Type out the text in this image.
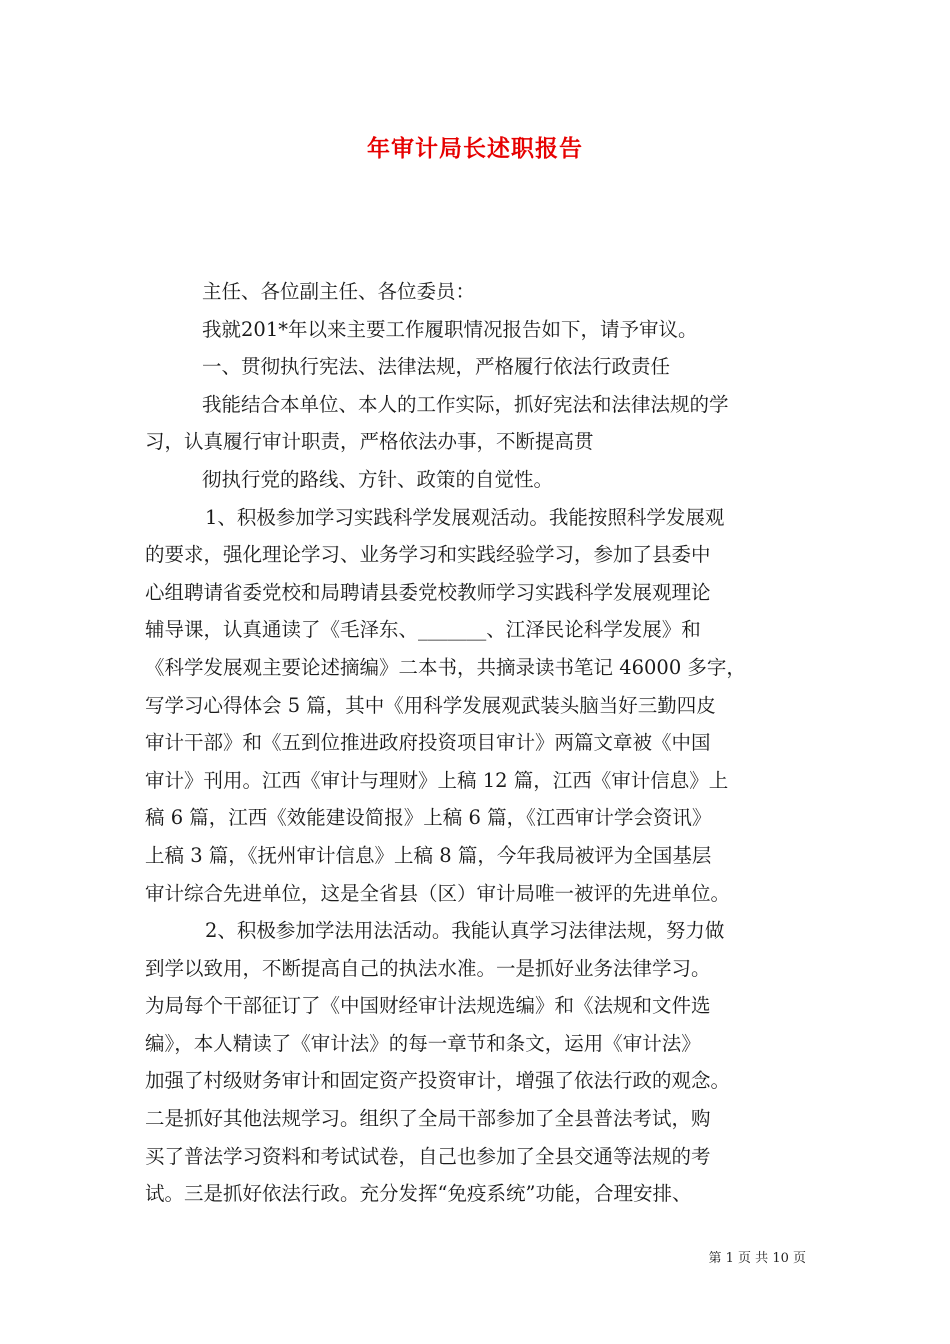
年审计局长述职报告
主任、各位副主任、各位委员：
我就201*年以来主要工作履职情况报告如下，请予审议。
一、贯彻执行宪法、法律法规，严格履行依法行政责任
我能结合本单位、本人的工作实际，抓好宪法和法律法规的学
习，认真履行审计职责，严格依法办事，不断提高贯
彻执行党的路线、方针、政策的自觉性。
1、积极参加学习实践科学发展观活动。我能按照科学发展观
的要求，强化理论学习、业务学习和实践经验学习，参加了县委中
心组聘请省委党校和局聘请县委党校教师学习实践科学发展观理论
辅导课，认真通读了《毛泽东、_______、江泽民论科学发展》和
《科学发展观主要论述摘编》二本书，共摘录读书笔记 46000 多字，
写学习心得体会 5 篇，其中《用科学发展观武装头脑当好三勤四皮
审计干部》和《五到位推进政府投资项目审计》两篇文章被《中国
审计》刊用。江西《审计与理财》上稿 12 篇，江西《审计信息》上
稿 6 篇，江西《效能建设简报》上稿 6 篇，《江西审计学会资讯》
上稿 3 篇，《抚州审计信息》上稿 8 篇，今年我局被评为全国基层
审计综合先进单位，这是全省县（区）审计局唯一被评的先进单位。
2、积极参加学法用法活动。我能认真学习法律法规，努力做
到学以致用，不断提高自己的执法水准。一是抓好业务法律学习。
为局每个干部征订了《中国财经审计法规选编》和《法规和文件选
编》，本人精读了《审计法》的每一章节和条文，运用《审计法》
加强了村级财务审计和固定资产投资审计，增强了依法行政的观念。
二是抓好其他法规学习。组织了全局干部参加了全县普法考试，购
买了普法学习资料和考试试卷，自己也参加了全县交通等法规的考
试。三是抓好依法行政。充分发挥“免疫系统”功能，合理安排、
第 1 页 共 10 页
